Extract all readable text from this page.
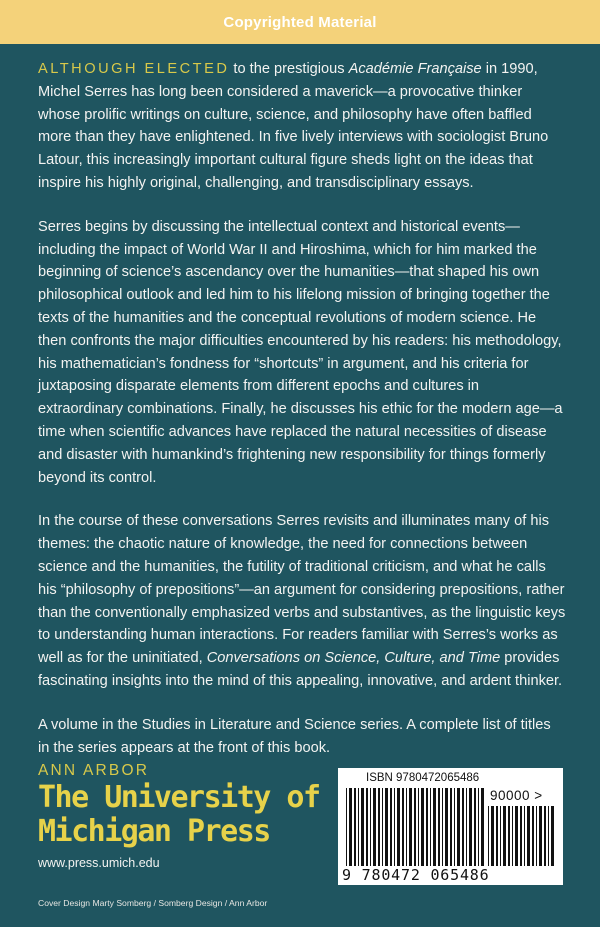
Copyrighted Material

ALTHOUGH ELECTED to the prestigious Académie Française in 1990, Michel Serres has long been considered a maverick—a provocative thinker whose prolific writings on culture, science, and philosophy have often baffled more than they have enlightened. In five lively interviews with sociologist Bruno Latour, this increasingly important cultural figure sheds light on the ideas that inspire his highly original, challenging, and transdisciplinary essays.

Serres begins by discussing the intellectual context and historical events—including the impact of World War II and Hiroshima, which for him marked the beginning of science’s ascendancy over the humanities—that shaped his own philosophical outlook and led him to his lifelong mission of bringing together the texts of the humanities and the conceptual revolutions of modern science. He then confronts the major difficulties encountered by his readers: his methodology, his mathematician’s fondness for “shortcuts” in argument, and his criteria for juxtaposing disparate elements from different epochs and cultures in extraordinary combinations. Finally, he discusses his ethic for the modern age—a time when scientific advances have replaced the natural necessities of disease and disaster with humankind’s frightening new responsibility for things formerly beyond its control.

In the course of these conversations Serres revisits and illuminates many of his themes: the chaotic nature of knowledge, the need for connections between science and the humanities, the futility of traditional criticism, and what he calls his “philosophy of prepositions”—an argument for considering prepositions, rather than the conventionally emphasized verbs and substantives, as the linguistic keys to understanding human interactions. For readers familiar with Serres’s works as well as for the uninitiated, Conversations on Science, Culture, and Time provides fascinating insights into the mind of this appealing, innovative, and ardent thinker.

A volume in the Studies in Literature and Science series. A complete list of titles in the series appears at the front of this book.

ANN ARBOR
The University of
Michigan Press
www.press.umich.edu
Cover Design Marty Somberg / Somberg Design / Ann Arbor
ISBN 9780472065486
90000 >
9 780472 065486
